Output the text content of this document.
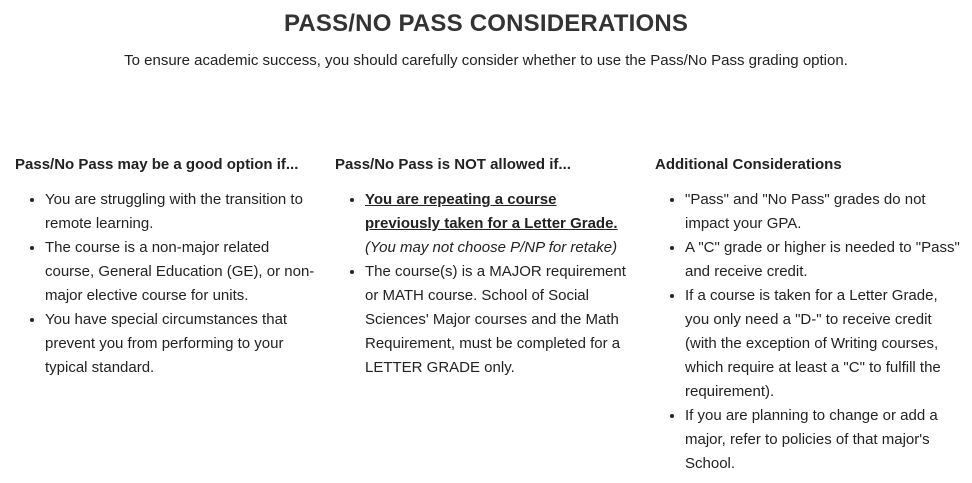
PASS/NO PASS CONSIDERATIONS

To ensure academic success, you should carefully consider whether to use the Pass/No Pass grading option.

Pass/No Pass may be a good option if...
• You are struggling with the transition to remote learning.
• The course is a non-major related course, General Education (GE), or non-major elective course for units.
• You have special circumstances that prevent you from performing to your typical standard.
Pass/No Pass is NOT allowed if...
• You are repeating a course previously taken for a Letter Grade. (You may not choose P/NP for retake)
• The course(s) is a MAJOR requirement or MATH course. School of Social Sciences' Major courses and the Math Requirement, must be completed for a LETTER GRADE only.
Additional Considerations
• "Pass" and "No Pass" grades do not impact your GPA.
• A "C" grade or higher is needed to "Pass" and receive credit.
• If a course is taken for a Letter Grade, you only need a "D-" to receive credit (with the exception of Writing courses, which require at least a "C" to fulfill the requirement).
• If you are planning to change or add a major, refer to policies of that major's School.
